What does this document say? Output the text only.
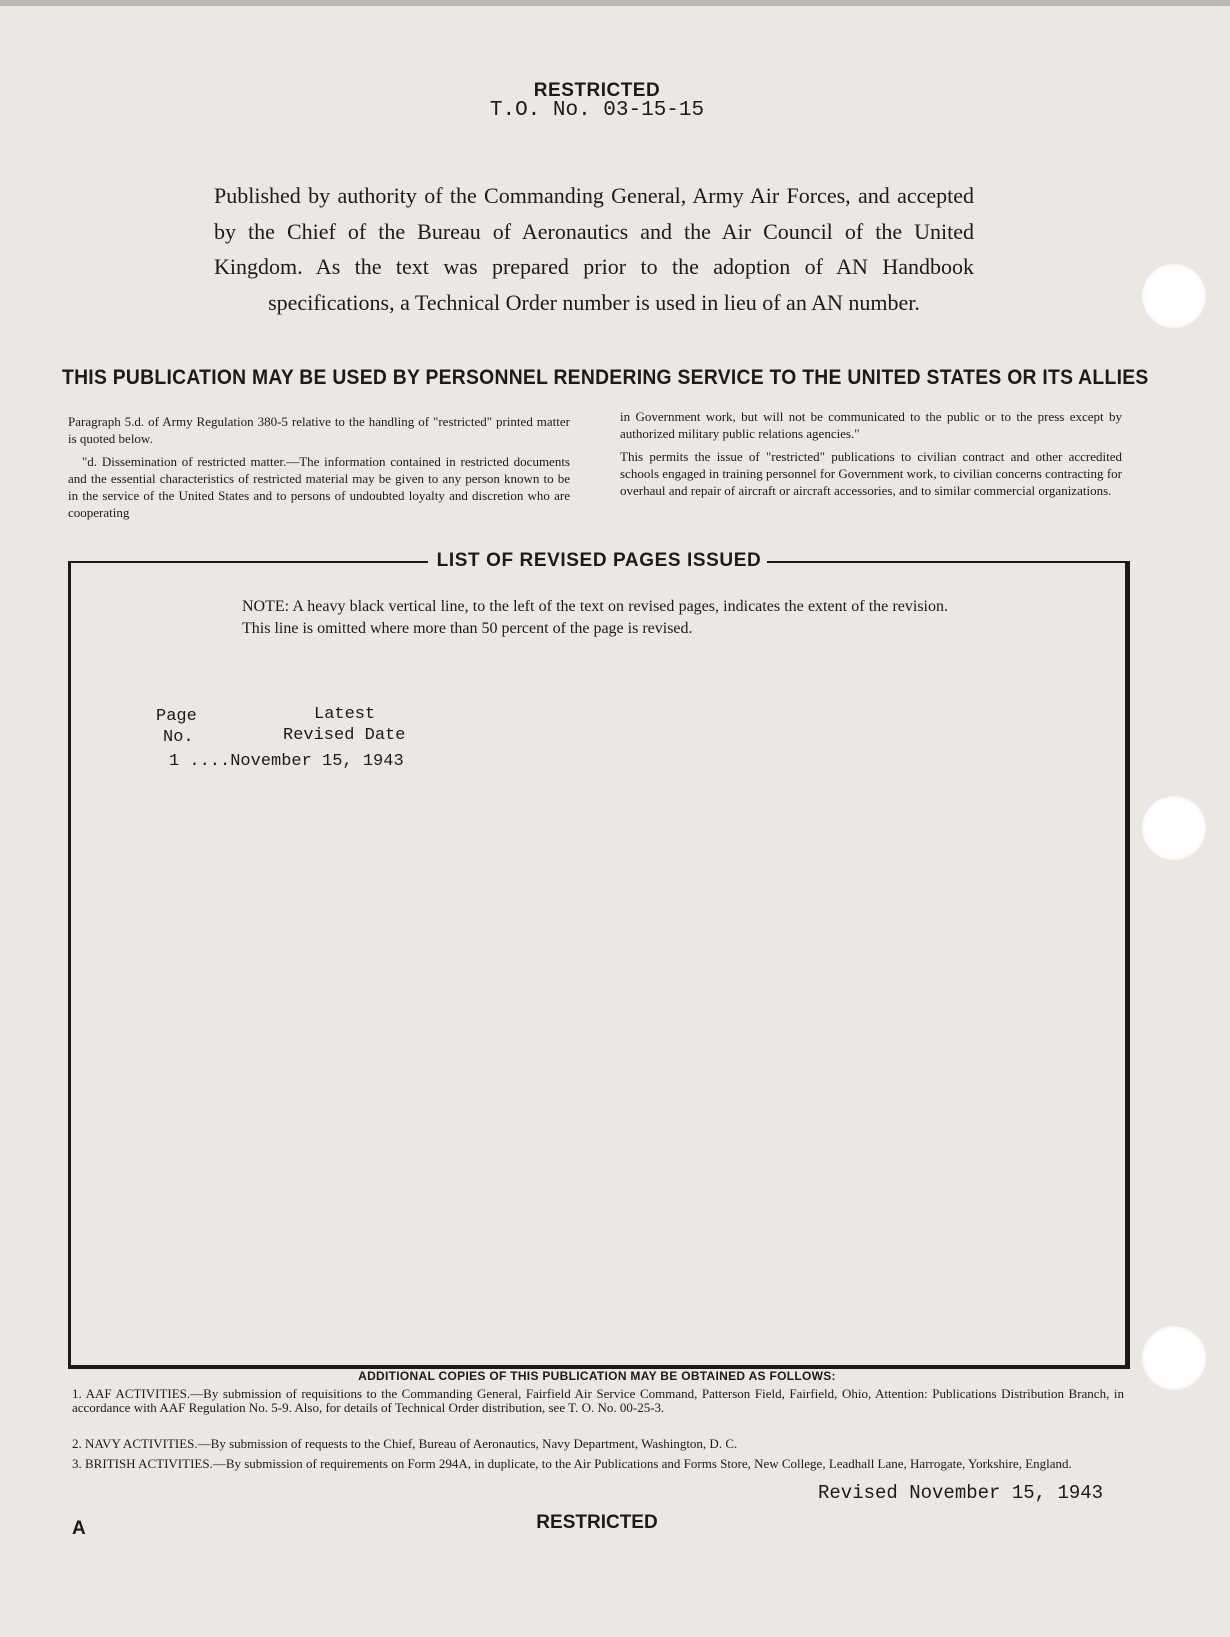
RESTRICTED
T.O. No. 03-15-15
Published by authority of the Commanding General, Army Air Forces, and accepted by the Chief of the Bureau of Aeronautics and the Air Council of the United Kingdom. As the text was prepared prior to the adoption of AN Handbook specifications, a Technical Order number is used in lieu of an AN number.
THIS PUBLICATION MAY BE USED BY PERSONNEL RENDERING SERVICE TO THE UNITED STATES OR ITS ALLIES

Paragraph 5.d. of Army Regulation 380-5 relative to the handling of "restricted" printed matter is quoted below.

"d. Dissemination of restricted matter.—The information contained in restricted documents and the essential characteristics of restricted material may be given to any person known to be in the service of the United States and to persons of undoubted loyalty and discretion who are cooperating

in Government work, but will not be communicated to the public or to the press except by authorized military public relations agencies."

This permits the issue of "restricted" publications to civilian contract and other accredited schools engaged in training personnel for Government work, to civilian concerns contracting for overhaul and repair of aircraft or aircraft accessories, and to similar commercial organizations.

LIST OF REVISED PAGES ISSUED
NOTE: A heavy black vertical line, to the left of the text on revised pages, indicates the extent of the revision. This line is omitted where more than 50 percent of the page is revised.
Page
No.
Latest
Revised Date
1 ....November 15, 1943
ADDITIONAL COPIES OF THIS PUBLICATION MAY BE OBTAINED AS FOLLOWS:
1. AAF ACTIVITIES.—By submission of requisitions to the Commanding General, Fairfield Air Service Command, Patterson Field, Fairfield, Ohio, Attention: Publications Distribution Branch, in accordance with AAF Regulation No. 5-9. Also, for details of Technical Order distribution, see T. O. No. 00-25-3.
2. NAVY ACTIVITIES.—By submission of requests to the Chief, Bureau of Aeronautics, Navy Department, Washington, D. C.
3. BRITISH ACTIVITIES.—By submission of requirements on Form 294A, in duplicate, to the Air Publications and Forms Store, New College, Leadhall Lane, Harrogate, Yorkshire, England.
Revised November 15, 1943
A	RESTRICTED
